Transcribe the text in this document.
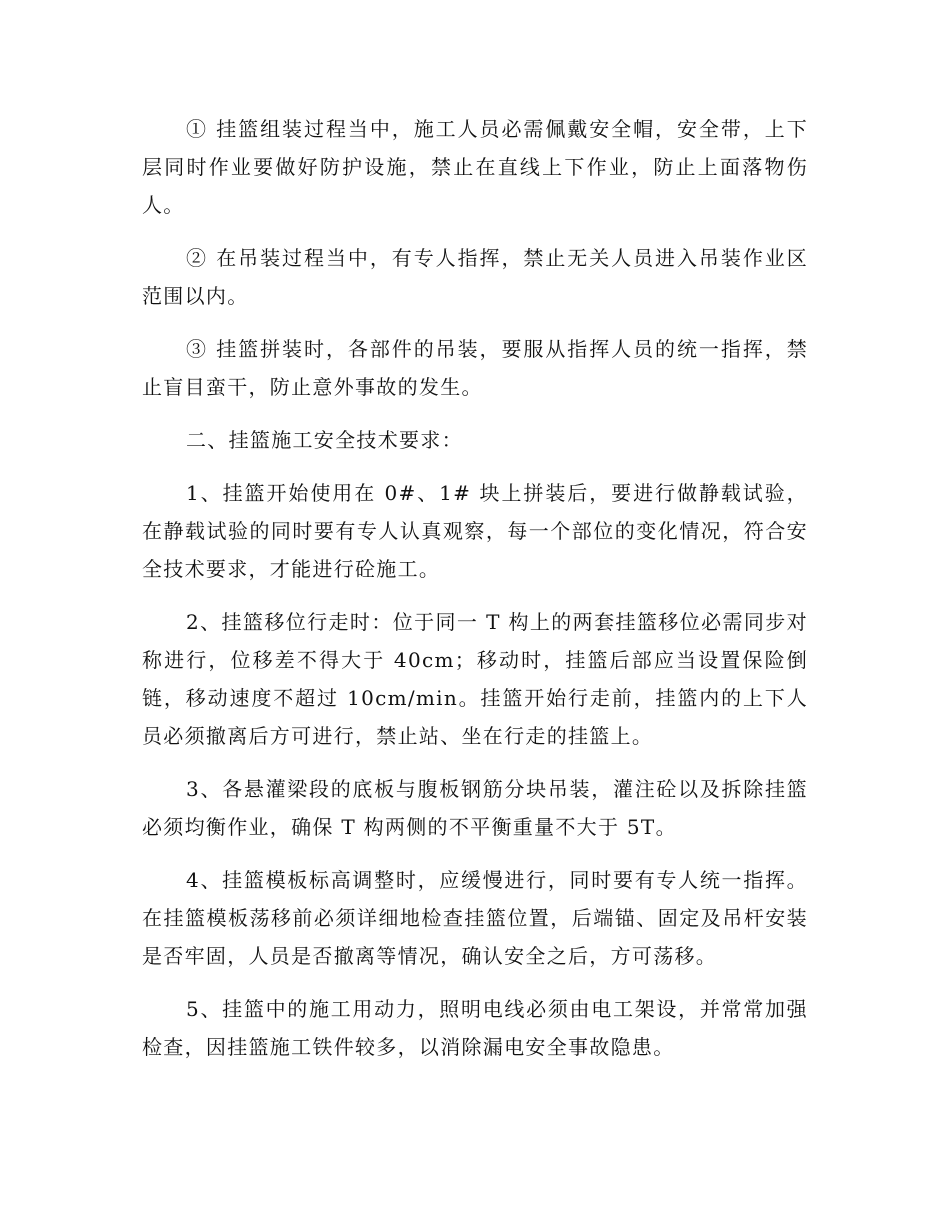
① 挂篮组装过程当中，施工人员必需佩戴安全帽，安全带，上下层同时作业要做好防护设施，禁止在直线上下作业，防止上面落物伤人。

② 在吊装过程当中，有专人指挥，禁止无关人员进入吊装作业区范围以内。

③ 挂篮拼装时，各部件的吊装，要服从指挥人员的统一指挥，禁止盲目蛮干，防止意外事故的发生。

二、挂篮施工安全技术要求：

1、挂篮开始使用在 0#、1# 块上拼装后，要进行做静载试验，在静载试验的同时要有专人认真观察，每一个部位的变化情况，符合安全技术要求，才能进行砼施工。

2、挂篮移位行走时：位于同一 T 构上的两套挂篮移位必需同步对称进行，位移差不得大于 40cm；移动时，挂篮后部应当设置保险倒链，移动速度不超过 10cm/min。挂篮开始行走前，挂篮内的上下人员必须撤离后方可进行，禁止站、坐在行走的挂篮上。

3、各悬灌梁段的底板与腹板钢筋分块吊装，灌注砼以及拆除挂篮必须均衡作业，确保 T 构两侧的不平衡重量不大于 5T。

4、挂篮模板标高调整时，应缓慢进行，同时要有专人统一指挥。在挂篮模板荡移前必须详细地检查挂篮位置，后端锚、固定及吊杆安装是否牢固，人员是否撤离等情况，确认安全之后，方可荡移。

5、挂篮中的施工用动力，照明电线必须由电工架设，并常常加强检查，因挂篮施工铁件较多，以消除漏电安全事故隐患。
